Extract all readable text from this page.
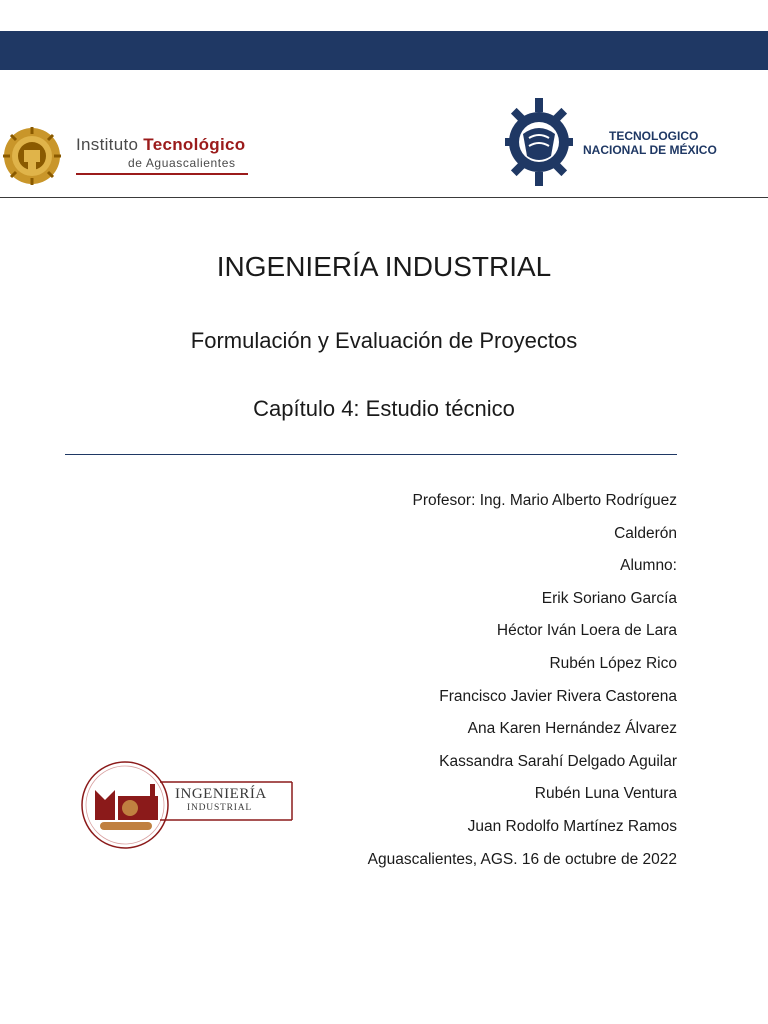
Instituto Tecnológico
de Aguascalientes
TECNOLOGICO
NACIONAL DE MÉXICO
INGENIERÍA INDUSTRIAL
Formulación y Evaluación de Proyectos
Capítulo 4: Estudio técnico
Profesor: Ing. Mario Alberto Rodríguez
Calderón
Alumno:
Erik Soriano García
Héctor Iván Loera de Lara
Rubén López Rico
Francisco Javier Rivera Castorena
Ana Karen Hernández Álvarez
Kassandra Sarahí Delgado Aguilar
Rubén Luna Ventura
Juan Rodolfo Martínez Ramos
Aguascalientes, AGS. 16 de octubre de 2022
INGENIERÍA
INDUSTRIAL
